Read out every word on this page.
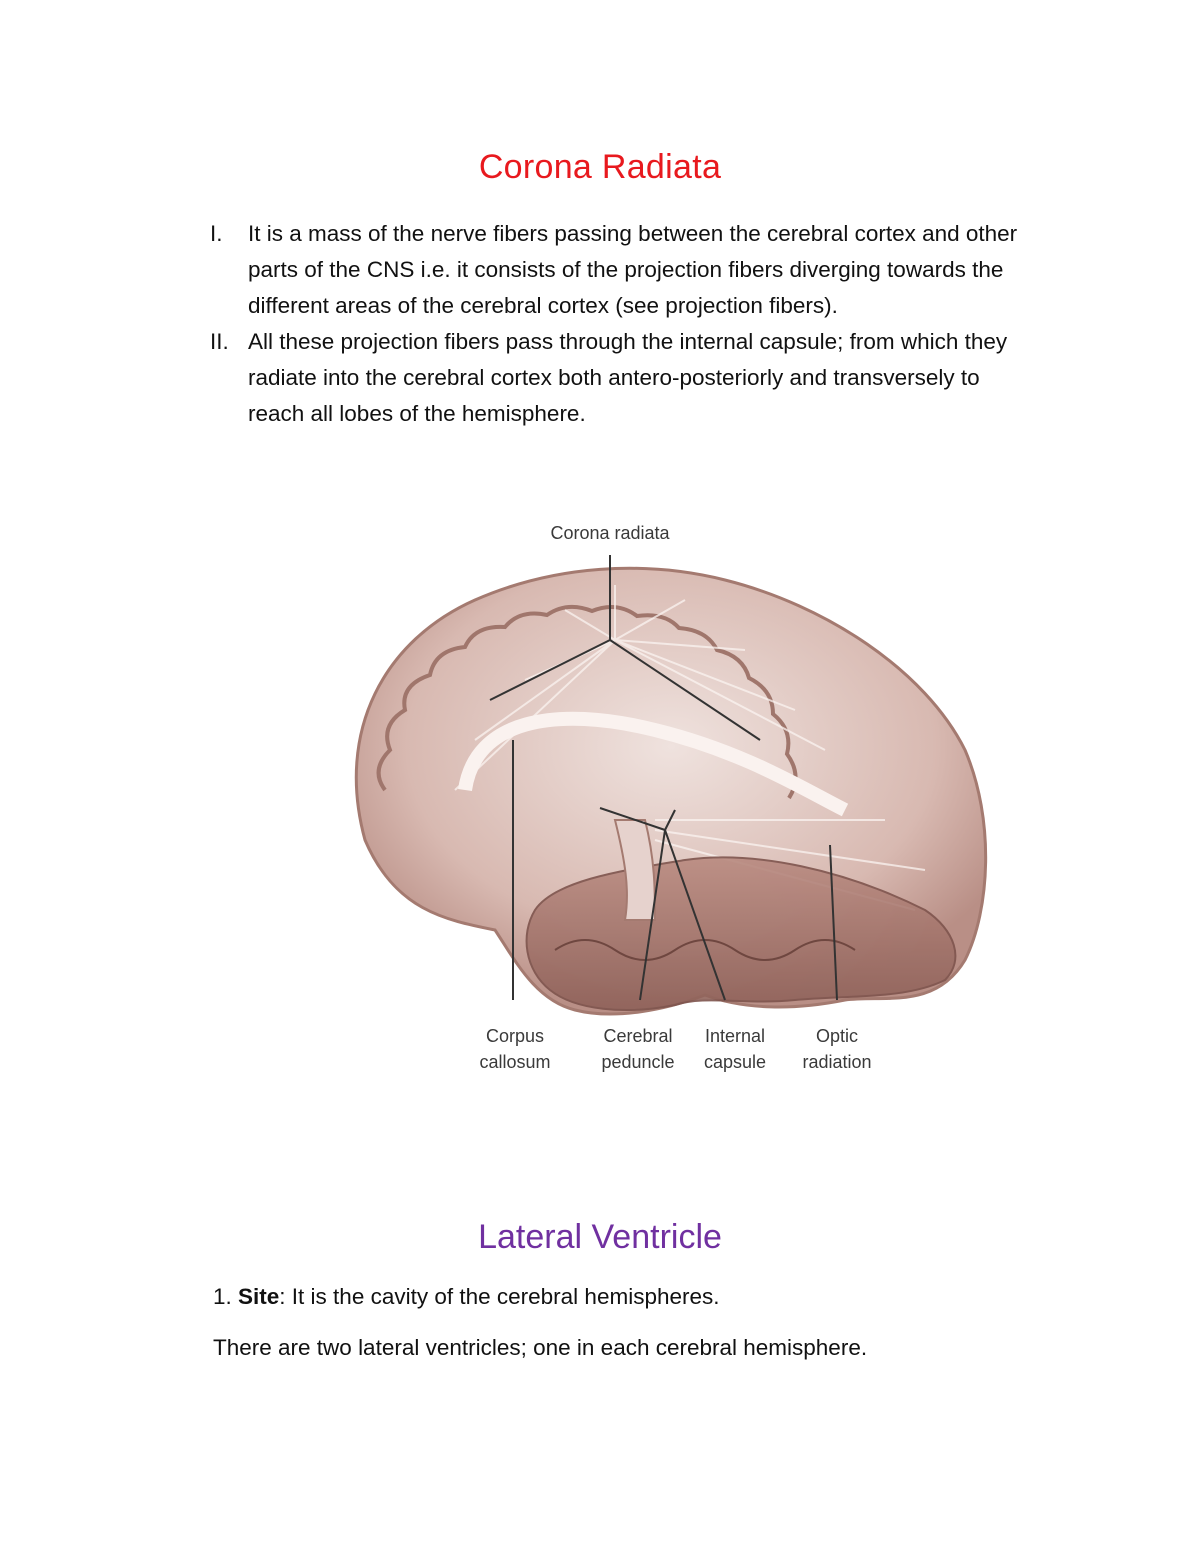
Corona Radiata
I.	It is a mass of the nerve fibers passing between the cerebral cortex and other parts of the CNS i.e. it consists of the projection fibers diverging towards the different areas of the cerebral cortex (see projection fibers).
II. All these projection fibers pass through the internal capsule; from which they radiate into the cerebral cortex both antero-posteriorly and transversely to reach all lobes of the hemisphere.
Corona radiata
Corpus
callosum
Cerebral
peduncle
Internal
capsule
Optic
radiation
Lateral Ventricle

1. Site: It is the cavity of the cerebral hemispheres.

There are two lateral ventricles; one in each cerebral hemisphere.
